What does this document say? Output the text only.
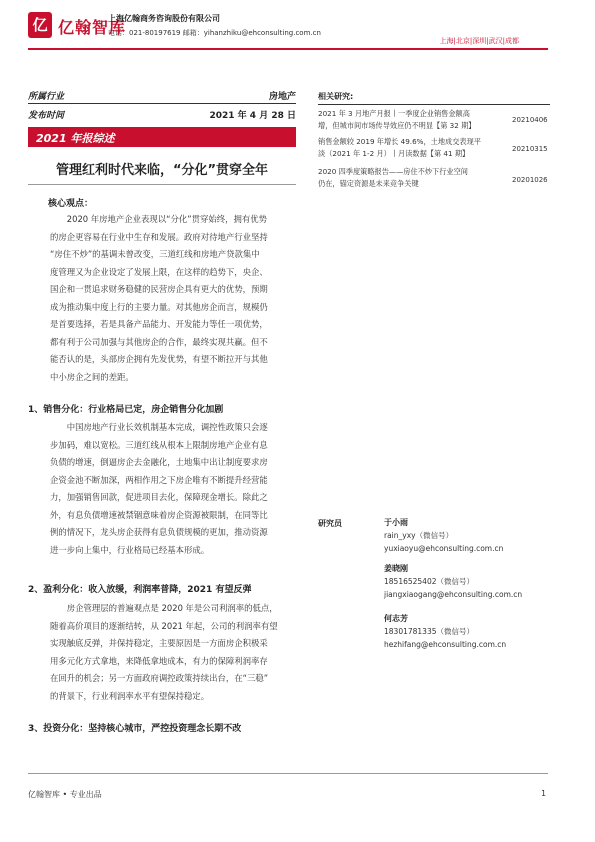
亿 亿翰智库
上海亿翰商务咨询股份有限公司
电话：021-80197619 邮箱：yihanzhiku@ehconsulting.com.cn
上海|北京|深圳|武汉|成都
所属行业	房地产
发布时间	2021 年 4 月 28 日
2021 年报综述
管理红利时代来临，“分化”贯穿全年
相关研究:
2021 年 3 月地产月报丨一季度企业销售金额高
增，但城市间市场传导效应仍不明显【第 32 期】
20210406
销售金额较 2019 年增长 49.6%，土地成交表现平
淡（2021 年 1-2 月）丨月读数据【第 41 期】	20210315
2020 四季度策略报告——房住不炒下行业空间
仍在，锚定资源是未来竞争关键	20201026
核心观点：

2020 年房地产企业表现以“分化”贯穿始终，拥有优势

的房企更容易在行业中生存和发展。政府对待地产行业坚持

“房住不炒”的基调未曾改变，三道红线和房地产贷款集中

度管理又为企业设定了发展上限，在这样的趋势下，央企、

国企和一贯追求财务稳健的民营房企具有更大的优势，预期

成为推动集中度上行的主要力量。对其他房企而言，规模仍

是首要选择，若是具备产品能力、开发能力等任一项优势，

都有利于公司加强与其他房企的合作，最终实现共赢。但不

能否认的是，头部房企拥有先发优势，有望不断拉开与其他

中小房企之间的差距。

1、销售分化：行业格局已定，房企销售分化加剧

中国房地产行业长效机制基本完成，调控性政策只会逐

步加码，难以宽松。三道红线从根本上限制房地产企业有息

负债的增速，倒逼房企去金融化，土地集中出让制度要求房

企资金池不断加深，两相作用之下房企唯有不断提升经营能

力，加强销售回款，促进项目去化，保障现金增长。除此之

外，有息负债增速被禁锢意味着房企资源被限制，在同等比

例的情况下，龙头房企获得有息负债规模的更加，推动资源

进一步向上集中，行业格局已经基本形成。

2、盈利分化：收入放缓，利润率普降，2021 有望反弹

房企管理层的普遍观点是 2020 年是公司利润率的低点，

随着高价项目的逐渐结转，从 2021 年起，公司的利润率有望

实现触底反弹，并保持稳定，主要原因是一方面房企积极采

用多元化方式拿地，来降低拿地成本，有力的保障利润率存

在回升的机会；另一方面政府调控政策持续出台，在“三稳”

的背景下，行业利润率水平有望保持稳定。

3、投资分化：坚持核心城市，严控投资理念长期不改
研究员	于小雨
rain_yxy（微信号）
yuxiaoyu@ehconsulting.com.cn
姜晓刚
18516525402（微信号）
jiangxiaogang@ehconsulting.com.cn
何志芳
18301781335（微信号）
hezhifang@ehconsulting.com.cn
亿翰智库 • 专业出品	1
